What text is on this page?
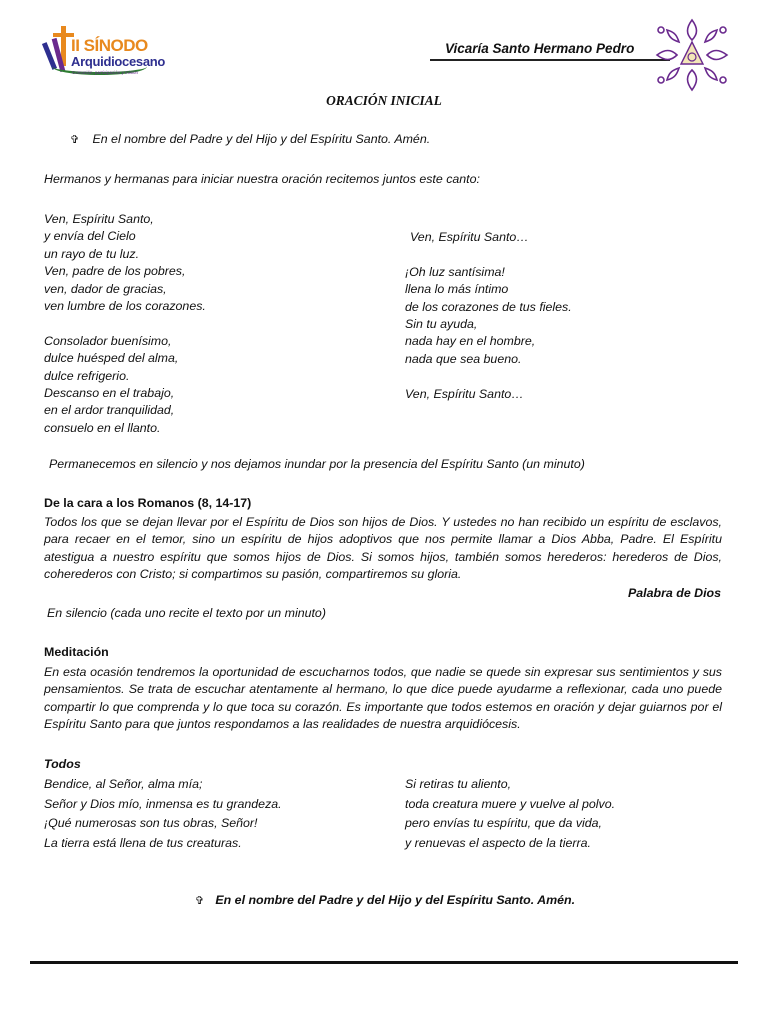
II SÍNODO
Arquidiocesano
Comunión, participación y misión
Vicaría Santo Hermano Pedro
ORACIÓN INICIAL
✞ En el nombre del Padre y del Hijo y del Espíritu Santo. Amén.
Hermanos y hermanas para iniciar nuestra oración recitemos juntos este canto:
Ven, Espíritu Santo,
y envía del Cielo
un rayo de tu luz.
Ven, padre de los pobres,
ven, dador de gracias,
ven lumbre de los corazones.
Consolador buenísimo,
dulce huésped del alma,
dulce refrigerio.
Descanso en el trabajo,
en el ardor tranquilidad,
consuelo en el llanto.
Ven, Espíritu Santo…
¡Oh luz santísima!
llena lo más íntimo
de los corazones de tus fieles.
Sin tu ayuda,
nada hay en el hombre,
nada que sea bueno.
Ven, Espíritu Santo…
Permanecemos en silencio y nos dejamos inundar por la presencia del Espíritu Santo (un minuto)
De la cara a los Romanos (8, 14-17)
Todos los que se dejan llevar por el Espíritu de Dios son hijos de Dios. Y ustedes no han recibido un espíritu de esclavos, para recaer en el temor, sino un espíritu de hijos adoptivos que nos permite llamar a Dios Abba, Padre. El Espíritu atestigua a nuestro espíritu que somos hijos de Dios. Si somos hijos, también somos herederos: herederos de Dios, coherederos con Cristo; si compartimos su pasión, compartiremos su gloria.
Palabra de Dios
En silencio (cada uno recite el texto por un minuto)
Meditación
En esta ocasión tendremos la oportunidad de escucharnos todos, que nadie se quede sin expresar sus sentimientos y sus pensamientos. Se trata de escuchar atentamente al hermano, lo que dice puede ayudarme a reflexionar, cada uno puede compartir lo que comprenda y lo que toca su corazón. Es importante que todos estemos en oración y dejar guiarnos por el Espíritu Santo para que juntos respondamos a las realidades de nuestra arquidiócesis.
Todos
Bendice, al Señor, alma mía;
Señor y Dios mío, inmensa es tu grandeza.
¡Qué numerosas son tus obras, Señor!
La tierra está llena de tus creaturas.
Si retiras tu aliento,
toda creatura muere y vuelve al polvo.
pero envías tu espíritu, que da vida,
y renuevas el aspecto de la tierra.
✞ En el nombre del Padre y del Hijo y del Espíritu Santo. Amén.
